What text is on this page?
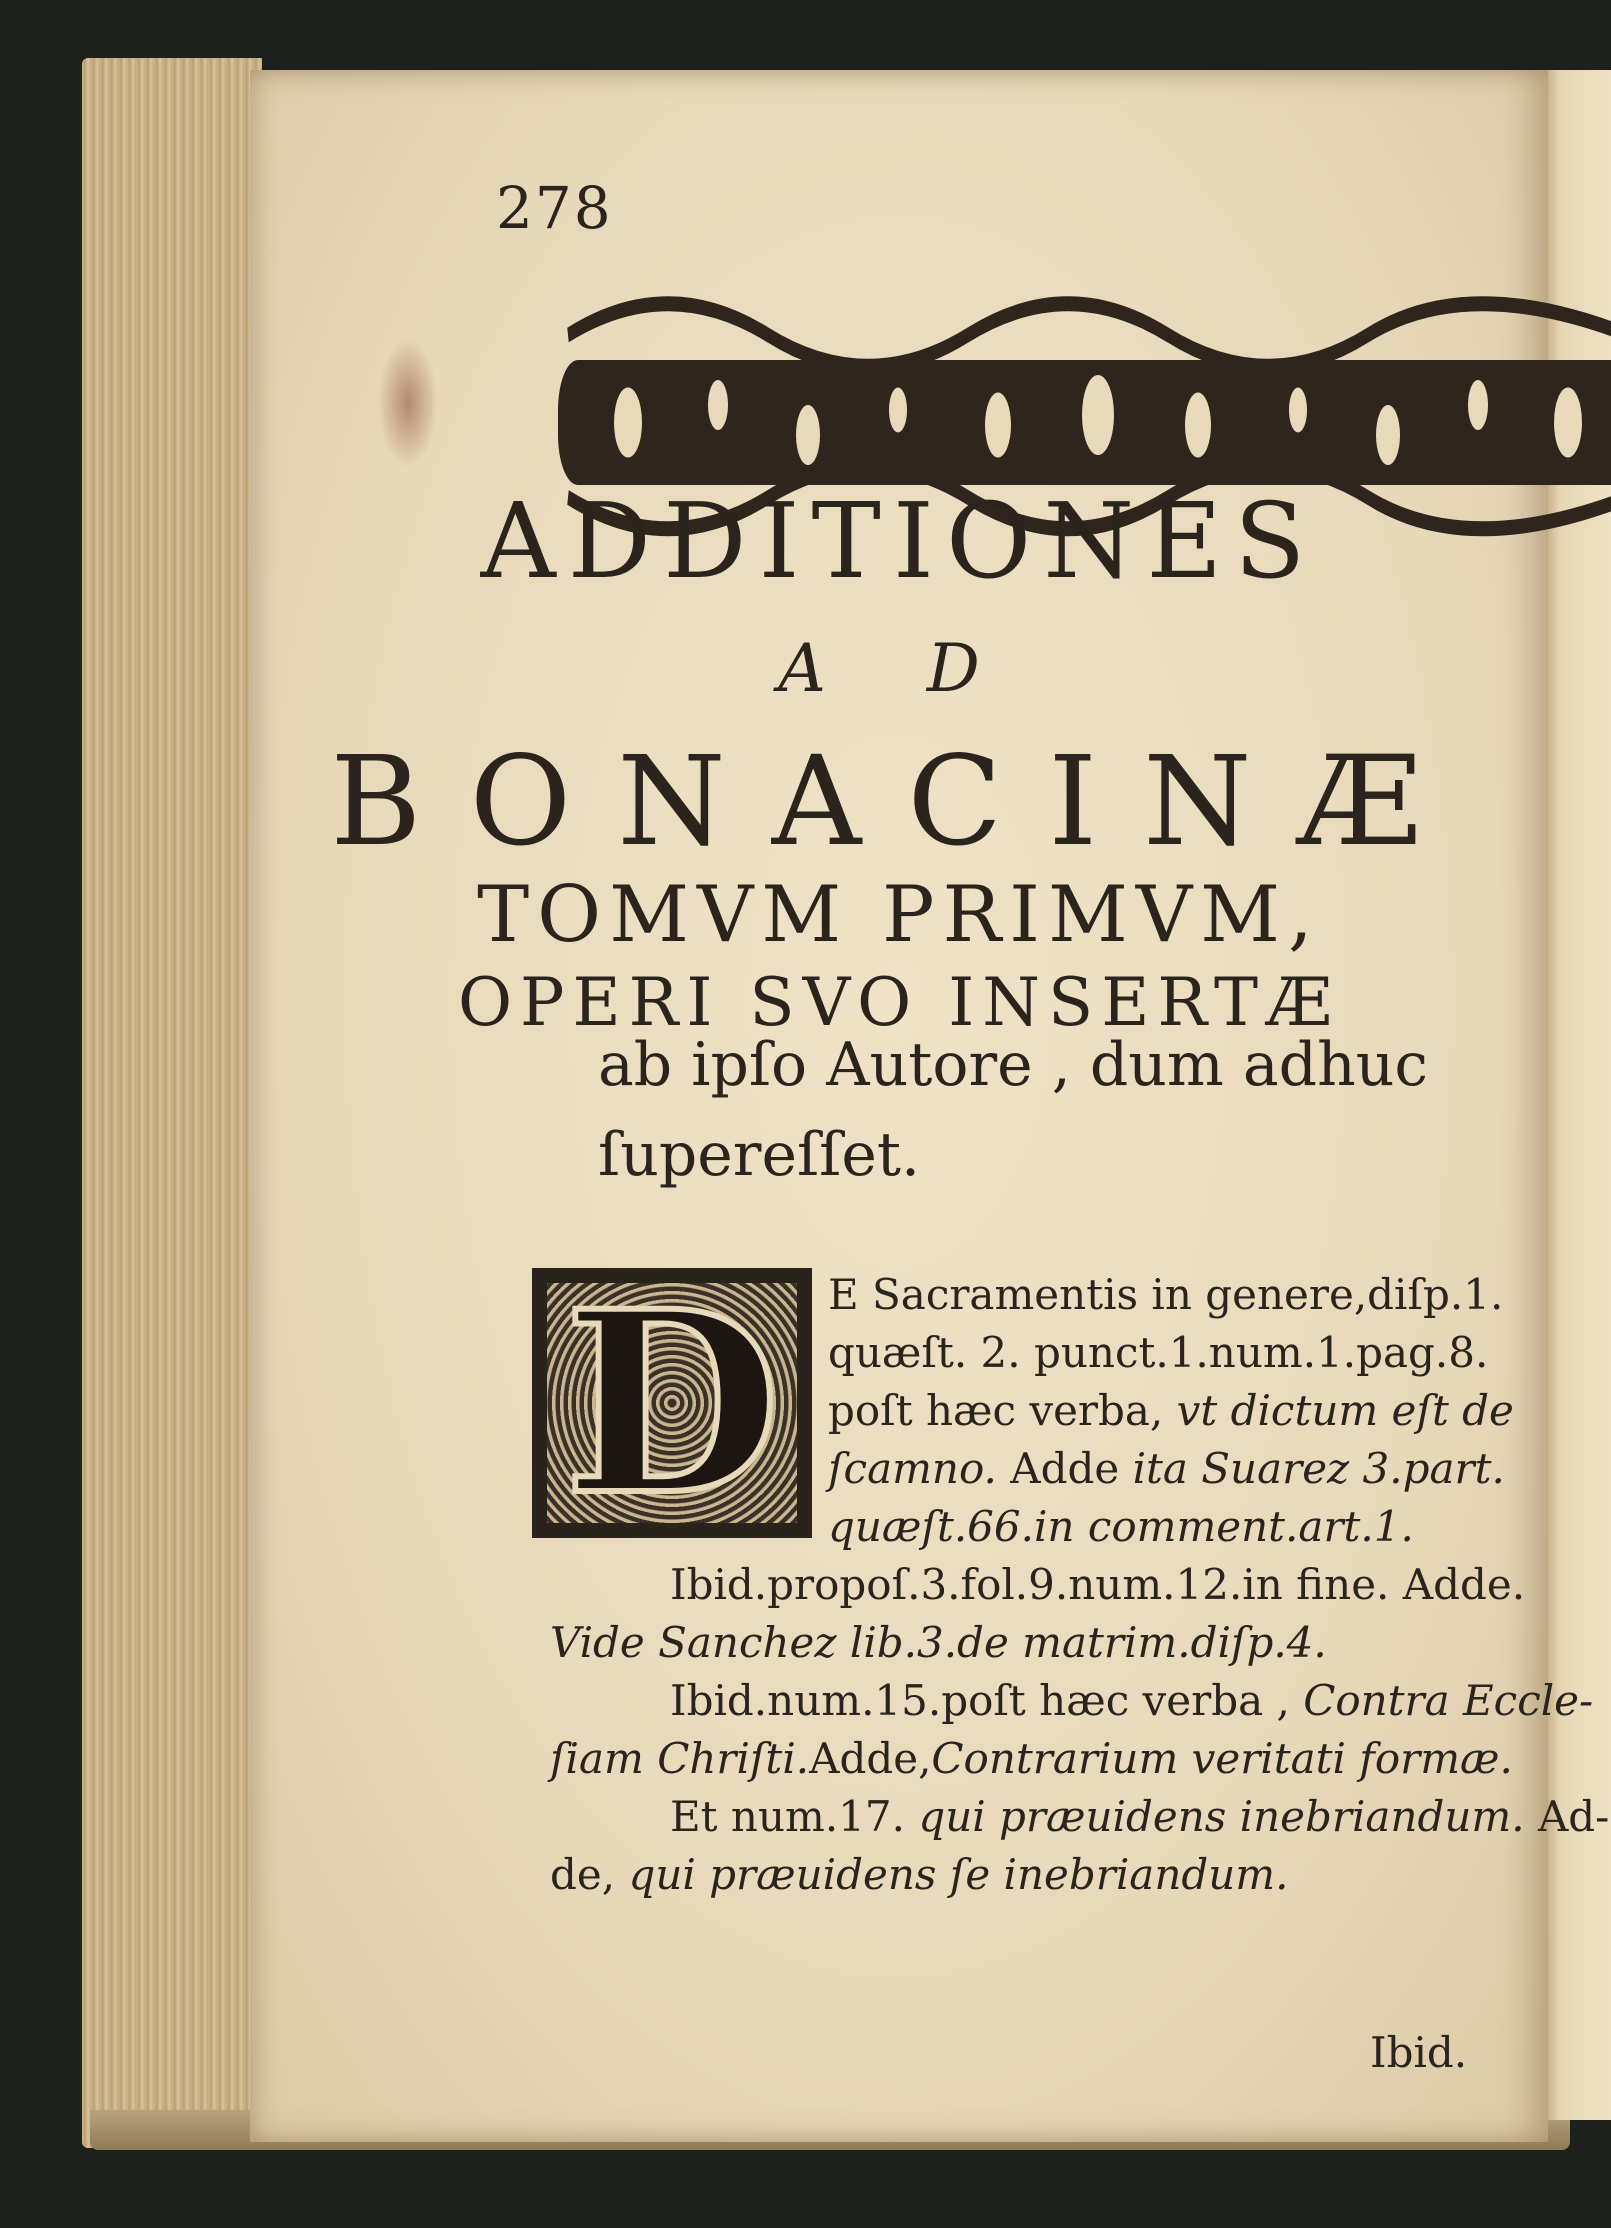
278
ADDITIONES
A D
BONACINÆ
TOMVM PRIMVM,
OPERI SVO INSERTÆ
ab ipſo Autore , dum adhuc
ſupereſſet.
D E Sacramentis in genere,diſp.1.
quæſt. 2. punct.1.num.1.pag.8.
poſt hæc verba, vt dictum eſt de
ſcamno. Adde ita Suarez 3.part.
quæſt.66.in comment.art.1.
Ibid.propoſ.3.fol.9.num.12.in fine. Adde.
Vide Sanchez lib.3.de matrim.diſp.4.
Ibid.num.15.poſt hæc verba , Contra Eccle-
ſiam Chriſti.Adde,Contrarium veritati formæ.
Et num.17. qui præuidens inebriandum. Ad-
de, qui præuidens ſe inebriandum.
Ibid.
